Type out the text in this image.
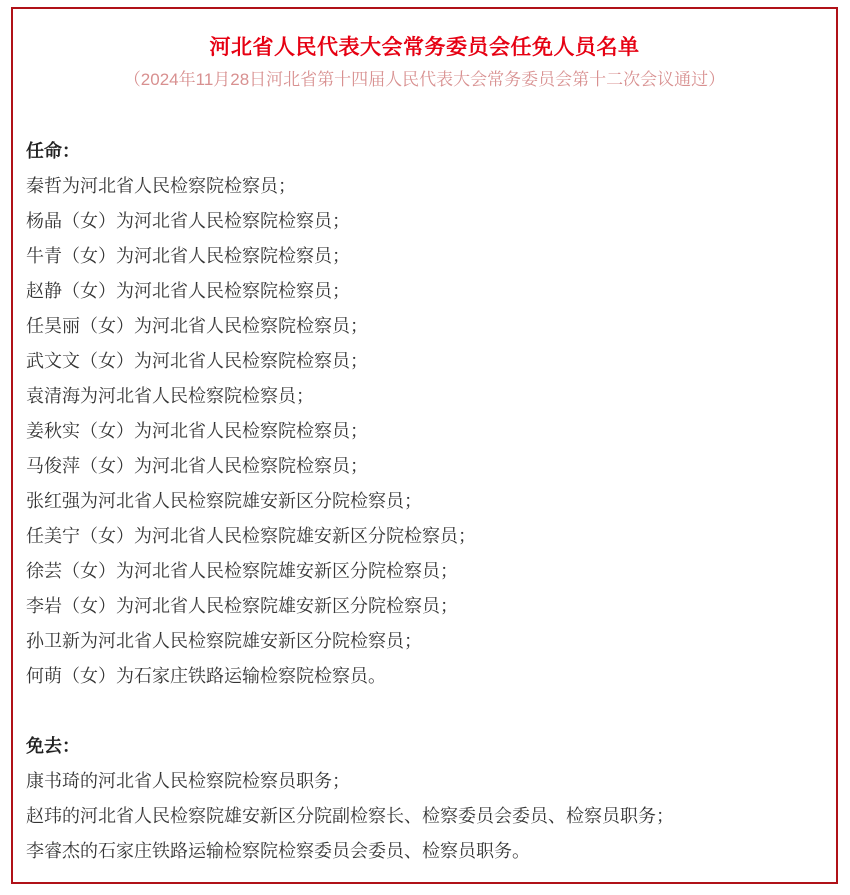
河北省人民代表大会常务委员会任免人员名单

（2024年11月28日河北省第十四届人民代表大会常务委员会第十二次会议通过）

任命：

秦哲为河北省人民检察院检察员；

杨晶（女）为河北省人民检察院检察员；

牛青（女）为河北省人民检察院检察员；

赵静（女）为河北省人民检察院检察员；

任昊丽（女）为河北省人民检察院检察员；

武文文（女）为河北省人民检察院检察员；

袁清海为河北省人民检察院检察员；

姜秋实（女）为河北省人民检察院检察员；

马俊萍（女）为河北省人民检察院检察员；

张红强为河北省人民检察院雄安新区分院检察员；

任美宁（女）为河北省人民检察院雄安新区分院检察员；

徐芸（女）为河北省人民检察院雄安新区分院检察员；

李岩（女）为河北省人民检察院雄安新区分院检察员；

孙卫新为河北省人民检察院雄安新区分院检察员；

何萌（女）为石家庄铁路运输检察院检察员。

免去：

康书琦的河北省人民检察院检察员职务；

赵玮的河北省人民检察院雄安新区分院副检察长、检察委员会委员、检察员职务；

李睿杰的石家庄铁路运输检察院检察委员会委员、检察员职务。
